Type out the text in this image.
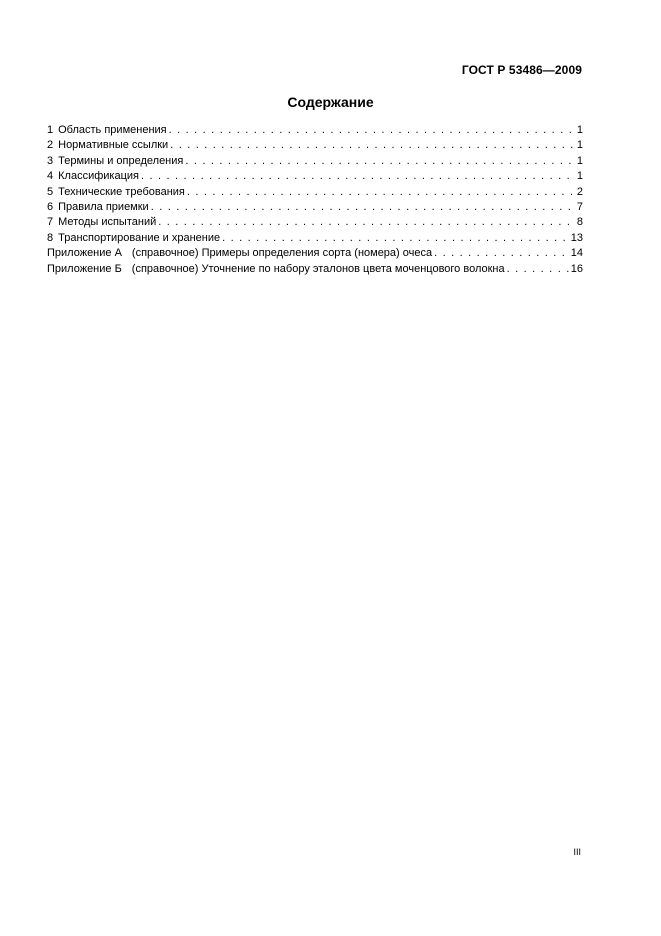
ГОСТ Р 53486—2009
Содержание
1 Область применения . . .	1
2 Нормативные ссылки . . .	1
3 Термины и определения . . .	1
4 Классификация . . .	1
5 Технические требования . . .	2
6 Правила приемки . . .	7
7 Методы испытаний . . .	8
8 Транспортирование и хранение . . .	13
Приложение А (справочное) Примеры определения сорта (номера) очеса . . .	14
Приложение Б (справочное) Уточнение по набору эталонов цвета моченцового волокна . . .	16
III
